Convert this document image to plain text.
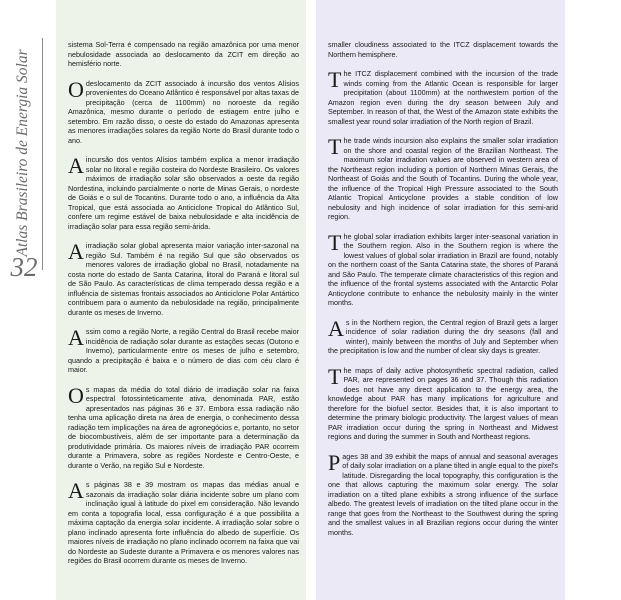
Atlas Brasileiro de Energia Solar
32

sistema Sol-Terra é compensado na região amazônica por uma menor nebulosidade associada ao deslocamento da ZCIT em direção ao hemisfério norte.

O deslocamento da ZCIT associado à incursão dos ventos Alísios provenientes do Oceano Atlântico é responsável por altas taxas de precipitação (cerca de 1100mm) no noroeste da região Amazônica, mesmo durante o período de estiagem entre julho e setembro. Em razão disso, o oeste do estado do Amazonas apresenta as menores irradiações solares da região Norte do Brasil durante todo o ano.

A incursão dos ventos Alísios também explica a menor irradiação solar no litoral e região costeira do Nordeste Brasileiro. Os valores máximos de irradiação solar são observados a oeste da região Nordestina, incluindo parcialmente o norte de Minas Gerais, o nordeste de Goiás e o sul de Tocantins. Durante todo o ano, a influência da Alta Tropical, que está associada ao Anticiclone Tropical do Atlântico Sul, confere um regime estável de baixa nebulosidade e alta incidência de irradiação solar para essa região semi-árida.

A irradiação solar global apresenta maior variação inter-sazonal na região Sul. Também é na região Sul que são observados os menores valores de irradiação global no Brasil, notadamente na costa norte do estado de Santa Catarina, litoral do Paraná e litoral sul de São Paulo. As características de clima temperado dessa região e a influência de sistemas frontais associados ao Anticiclone Polar Antártico contribuem para o aumento da nebulosidade na região, principalmente durante os meses de Inverno.

Assim como a região Norte, a região Central do Brasil recebe maior incidência de radiação solar durante as estações secas (Outono e Inverno), particularmente entre os meses de julho e setembro, quando a precipitação é baixa e o número de dias com céu claro é maior.

Os mapas da média do total diário de irradiação solar na faixa espectral fotossinteticamente ativa, denominada PAR, estão apresentados nas páginas 36 e 37. Embora essa radiação não tenha uma aplicação direta na área de energia, o conhecimento dessa radiação tem implicações na área de agronegócios e, portanto, no setor de biocombustíveis, além de ser importante para a determinação da produtividade primária. Os maiores níveis de irradiação PAR ocorrem durante a Primavera, sobre as regiões Nordeste e Centro-Oeste, e durante o Verão, na região Sul e Nordeste.

As páginas 38 e 39 mostram os mapas das médias anual e sazonais da irradiação solar diária incidente sobre um plano com inclinação igual à latitude do pixel em consideração. Não levando em conta a topografia local, essa configuração é a que possibilita a máxima captação da energia solar incidente. A irradiação solar sobre o plano inclinado apresenta forte influência do albedo de superfície. Os maiores níveis de irradiação no plano inclinado ocorrem na faixa que vai do Nordeste ao Sudeste durante a Primavera e os menores valores nas regiões do Brasil ocorrem durante os meses de Inverno.

smaller cloudiness associated to the ITCZ displacement towards the Northern hemisphere.

The ITCZ displacement combined with the incursion of the trade winds coming from the Atlantic Ocean is responsible for larger precipitation (about 1100mm) at the northwestern portion of the Amazon region even during the dry season between July and September. In reason of that, the West of the Amazon state exhibits the smallest year round solar irradiation of the North region of Brazil.

The trade winds incursion also explains the smaller solar irradiation on the shore and coastal region of the Brazilian Northeast. The maximum solar irradiation values are observed in western area of the Northeast region including a portion of Northern Minas Gerais, the Northeast of Goiás and the South of Tocantins. During the whole year, the influence of the Tropical High Pressure associated to the South Atlantic Tropical Anticyclone provides a stable condition of low nebulosity and high incidence of solar irradiation for this semi-arid region.

The global solar irradiation exhibits larger inter-seasonal variation in the Southern region. Also in the Southern region is where the lowest values of global solar irradiation in Brazil are found, notably on the northern coast of the Santa Catarina state, the shores of Paraná and São Paulo. The temperate climate characteristics of this region and the influence of the frontal systems associated with the Antarctic Polar Anticyclone contribute to enhance the nebulosity mainly in the winter months.

As in the Northern region, the Central region of Brazil gets a larger incidence of solar radiation during the dry seasons (fall and winter), mainly between the months of July and September when the precipitation is low and the number of clear sky days is greater.

The maps of daily active photosynthetic spectral radiation, called PAR, are represented on pages 36 and 37. Though this radiation does not have any direct application to the energy area, the knowledge about PAR has many implications for agriculture and therefore for the biofuel sector. Besides that, it is also important to determine the primary biologic productivity. The largest values of mean PAR irradiation occur during the spring in Northeast and Midwest regions and during the summer in South and Northeast regions.

Pages 38 and 39 exhibit the maps of annual and seasonal averages of daily solar irradiation on a plane tilted in angle equal to the pixel's latitude. Disregarding the local topography, this configuration is the one that allows capturing the maximum solar energy. The solar irradiation on a tilted plane exhibits a strong influence of the surface albedo. The greatest levels of irradiation on the tilted plane occur in the range that goes from the Northeast to the Southwest during the spring and the smallest values in all Brazilian regions occur during the winter months.
